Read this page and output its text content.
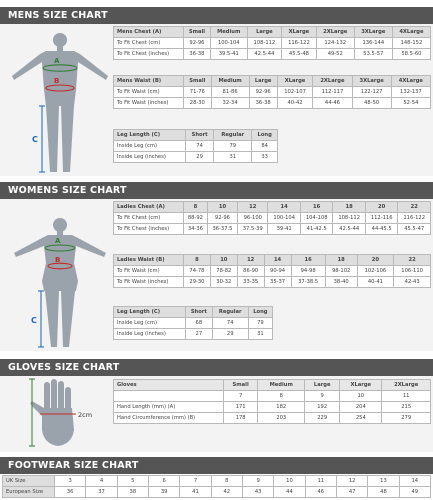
MENS SIZE CHART
A
B
C
Mens Chest (A)	Small	Medium	Large	XLarge	2XLarge	3XLarge	4XLarge
To Fit Chest (cm)	92-96	100-104	108-112	116-122	124-132	136-144	148-152
To Fit Chest (inches)	36-38	39.5-41	42.5-44	45.5-48	49-52	53.5-57	58.5-60
Mens Waist (B)	Small	Medium	Large	XLarge	2XLarge	3XLarge	4XLarge
To Fit Waist (cm)	71-76	81-86	92-96	102-107	112-117	122-127	132-137
To Fit Waist (inches)	28-30	32-34	36-38	40-42	44-46	48-50	52-54
Leg Length (C)	Short	Regular	Long
Inside Leg (cm)	74	79	84
Inside Leg (inches)	29	31	33
WOMENS SIZE CHART
A
B
C
Ladies Chest (A)	8	10	12	14	16	18	20	22
To Fit Chest (cm)	88-92	92-96	96-100	100-104	104-108	108-112	112-116	116-122
To Fit Chest (inches)	34-36	36-37.5	37.5-39	39-41	41-42.5	42.5-44	44-45.5	45.5-47
Ladies Waist (B)	8	10	12	14	16	18	20	22
To Fit Waist (cm)	74-78	78-82	86-90	90-94	94-98	98-102	102-106	106-110
To Fit Waist (inches)	29-30	30-32	33-35	35-37	37-38.5	38-40	40-41	42-43
Leg Length (C)	Short	Regular	Long
Inside Leg (cm)	68	74	79
Inside Leg (inches)	27	29	31
GLOVES SIZE CHART
2cm
Gloves	Small	Medium	Large	XLarge	2XLarge
	7	8	9	10	11
Hand Length (mm) (A)	171	182	192	204	215
Hand Circumference (mm) (B)	178	203	229	254	279
FOOTWEAR SIZE CHART
UK Size	3	4	5	6	7	8	9	10	11	12	13	14
European Size	36	37	38	39	41	42	43	44	46	47	48	49
